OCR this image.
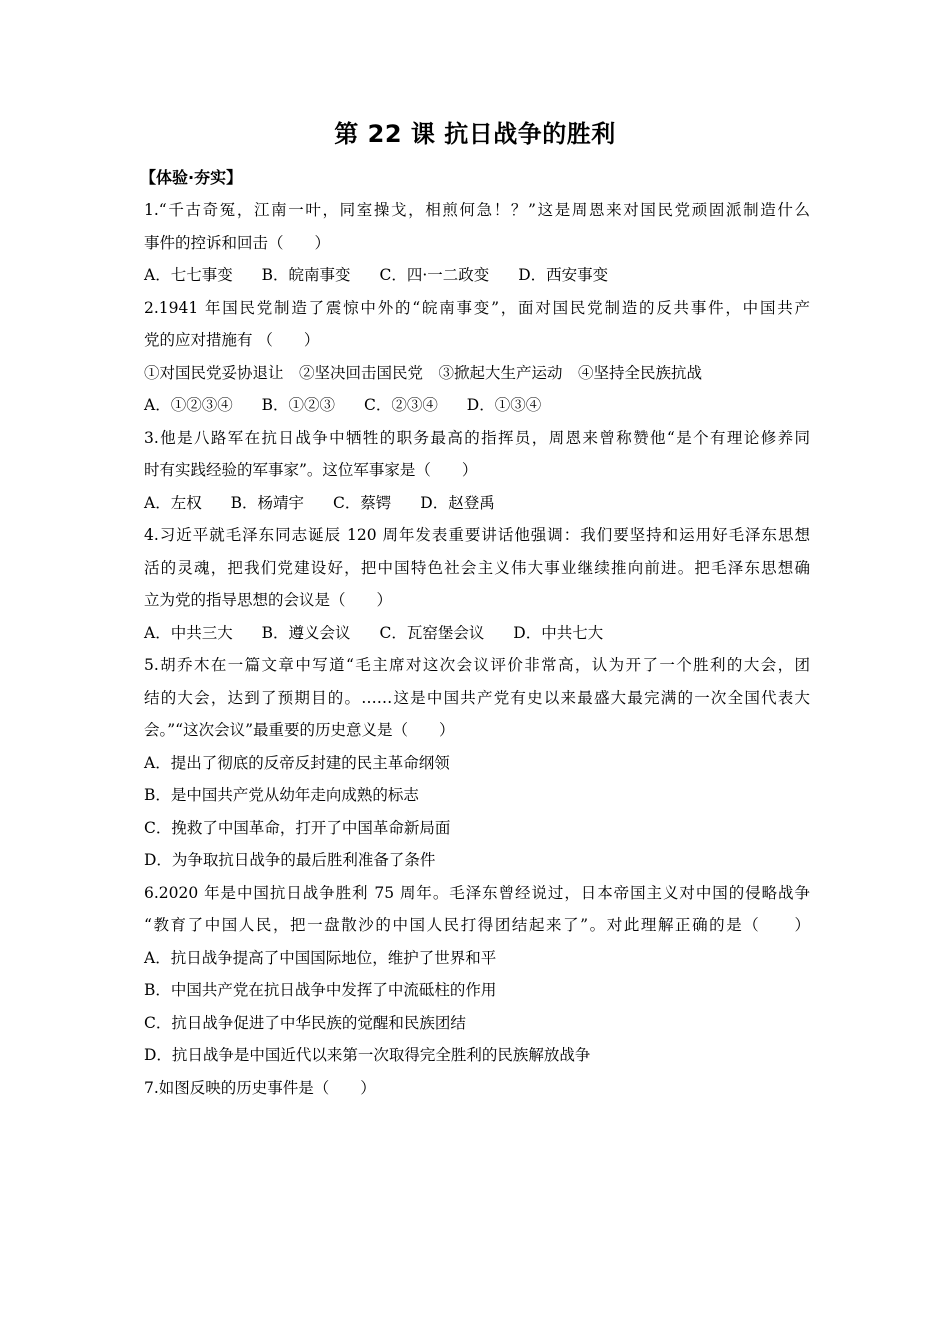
第 22 课 抗日战争的胜利
【体验·夯实】
1.“千古奇冤，江南一叶，同室操戈，相煎何急！？”这是周恩来对国民党顽固派制造什么
事件的控诉和回击（　　）
A．七七事变 B．皖南事变 C．四·一二政变 D．西安事变
2.1941 年国民党制造了震惊中外的“皖南事变”，面对国民党制造的反共事件，中国共产
党的应对措施有 （　　）
①对国民党妥协退让　②坚决回击国民党　③掀起大生产运动　④坚持全民族抗战
A．①②③④ B．①②③ C．②③④ D．①③④
3.他是八路军在抗日战争中牺牲的职务最高的指挥员，周恩来曾称赞他“是个有理论修养同
时有实践经验的军事家”。这位军事家是（　　）
A．左权 B．杨靖宇 C．蔡锷 D．赵登禹
4.习近平就毛泽东同志诞辰 120 周年发表重要讲话他强调：我们要坚持和运用好毛泽东思想
活的灵魂，把我们党建设好，把中国特色社会主义伟大事业继续推向前进。把毛泽东思想确
立为党的指导思想的会议是（　　）
A．中共三大 B．遵义会议 C．瓦窑堡会议 D．中共七大
5.胡乔木在一篇文章中写道“毛主席对这次会议评价非常高，认为开了一个胜利的大会，团
结的大会，达到了预期目的。……这是中国共产党有史以来最盛大最完满的一次全国代表大
会。”“这次会议”最重要的历史意义是（　　）
A．提出了彻底的反帝反封建的民主革命纲领
B．是中国共产党从幼年走向成熟的标志
C．挽救了中国革命，打开了中国革命新局面
D．为争取抗日战争的最后胜利准备了条件
6.2020 年是中国抗日战争胜利 75 周年。毛泽东曾经说过，日本帝国主义对中国的侵略战争
“教育了中国人民，把一盘散沙的中国人民打得团结起来了”。对此理解正确的是（　　）
A．抗日战争提高了中国国际地位，维护了世界和平
B．中国共产党在抗日战争中发挥了中流砥柱的作用
C．抗日战争促进了中华民族的觉醒和民族团结
D．抗日战争是中国近代以来第一次取得完全胜利的民族解放战争
7.如图反映的历史事件是（　　）
